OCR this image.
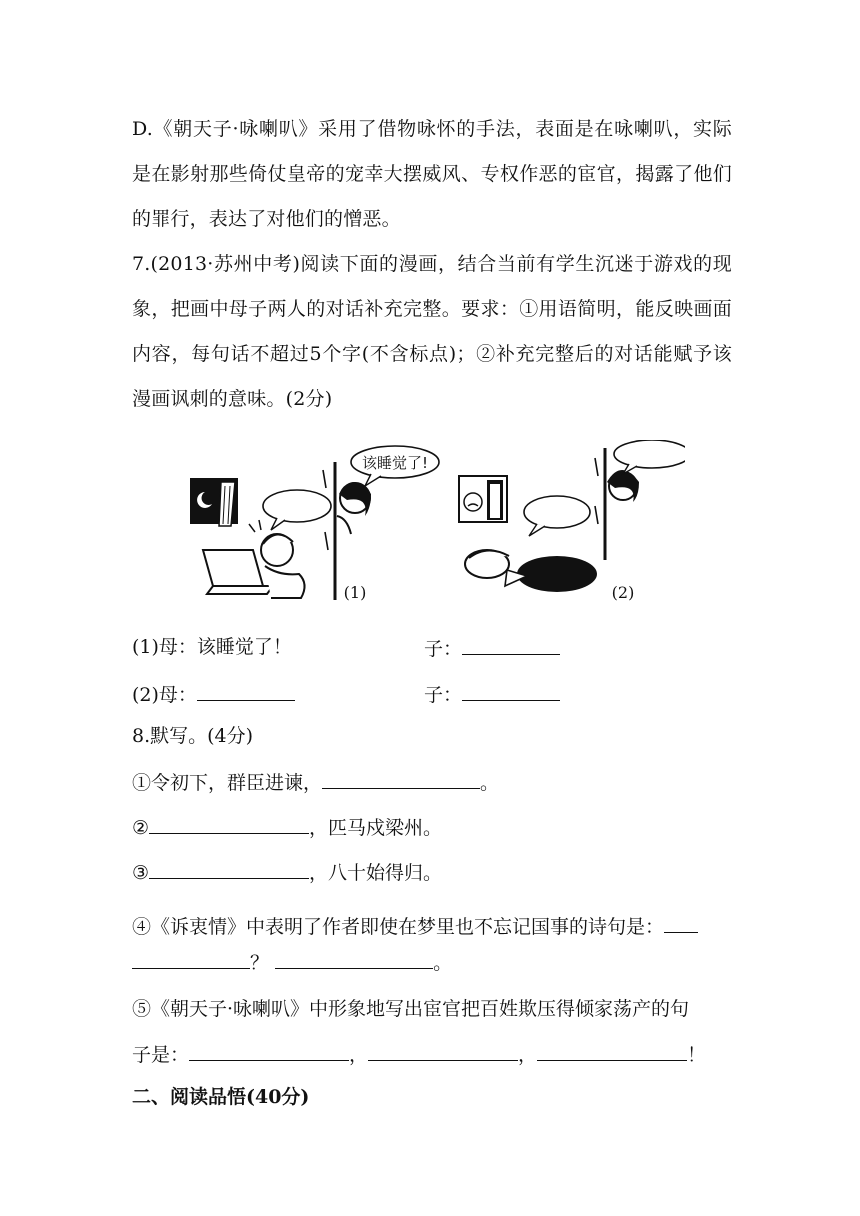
D.《朝天子·咏喇叭》采用了借物咏怀的手法，表面是在咏喇叭，实际是在影射那些倚仗皇帝的宠幸大摆威风、专权作恶的宦官，揭露了他们的罪行，表达了对他们的憎恶。

7.(2013·苏州中考)阅读下面的漫画，结合当前有学生沉迷于游戏的现象，把画中母子两人的对话补充完整。要求：①用语简明，能反映画面内容，每句话不超过5个字(不含标点)；②补充完整后的对话能赋予该漫画讽刺的意味。(2分)

该睡觉了!
(1)	(2)
(1)母：该睡觉了！	子：
(2)母：	子：
8.默写。(4分)
①令初下，群臣进谏，	。
②	，匹马戍梁州。
③	，八十始得归。
④《诉衷情》中表明了作者即使在梦里也不忘记国事的诗句是：
？	。
⑤《朝天子·咏喇叭》中形象地写出宦官把百姓欺压得倾家荡产的句
子是：	，	，	！
二、阅读品悟(40分)
